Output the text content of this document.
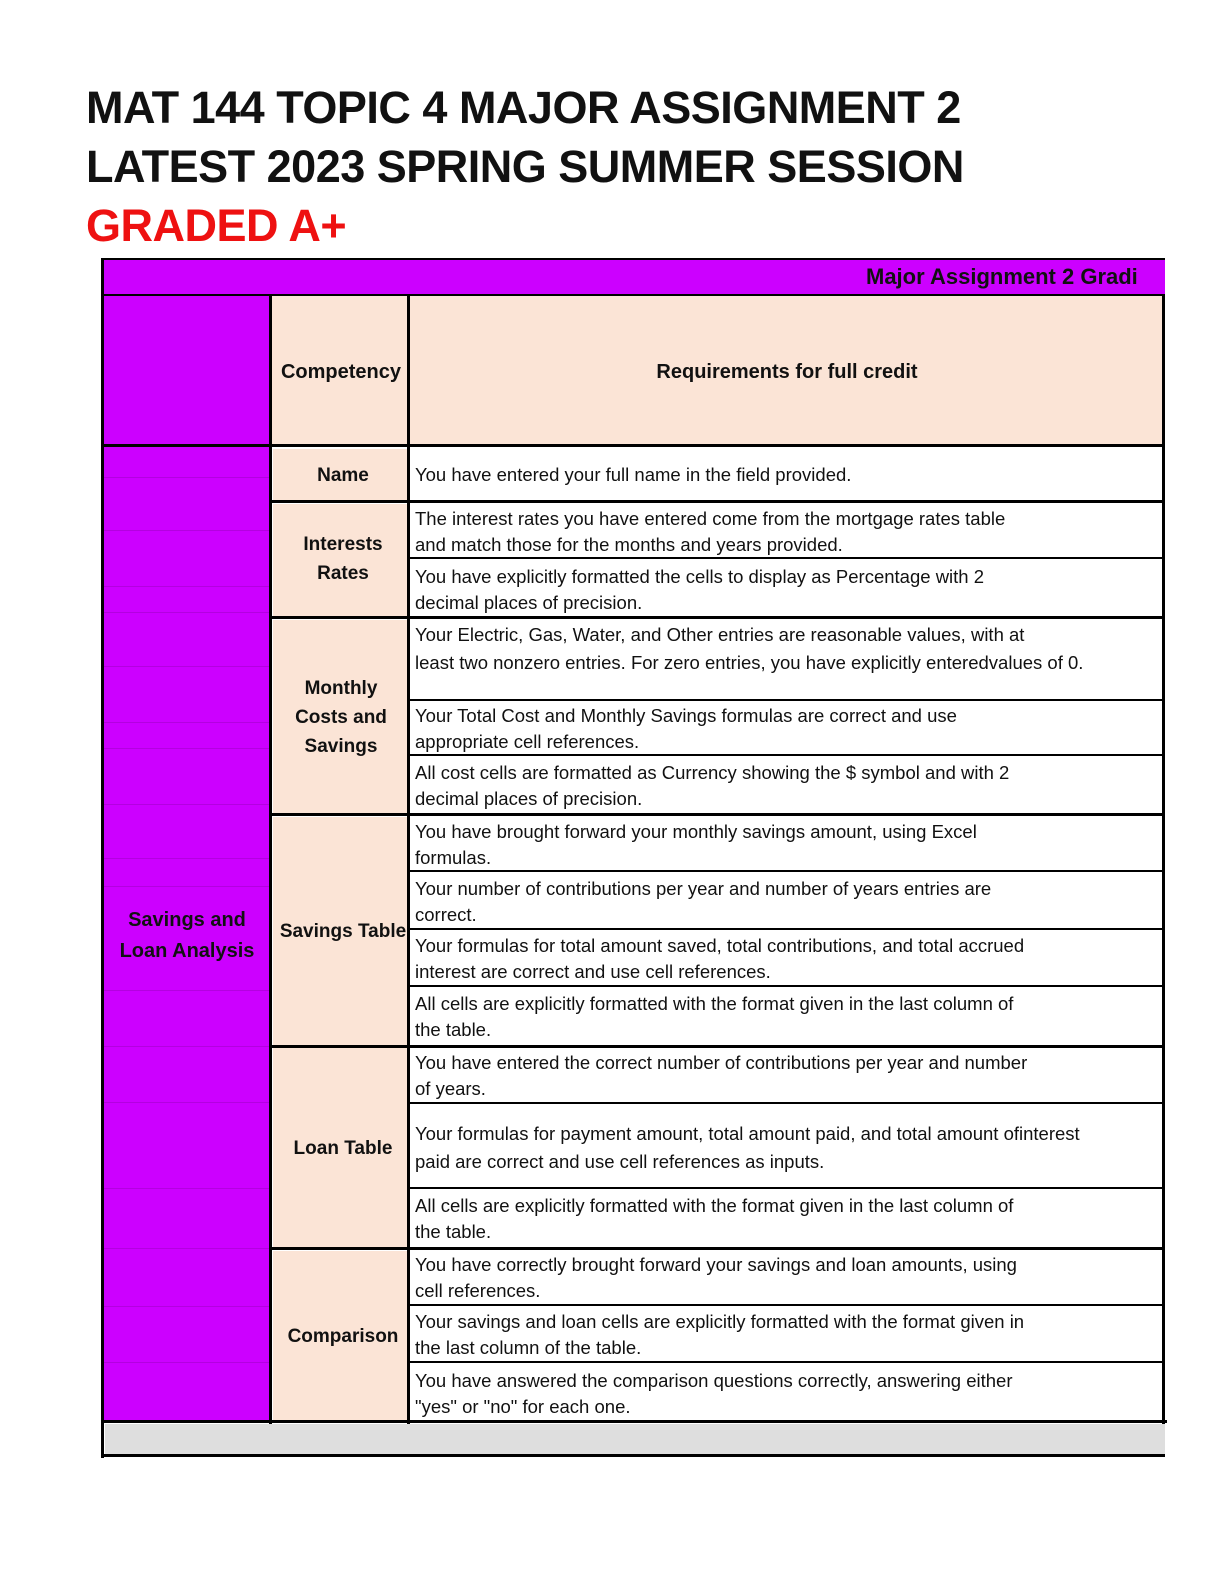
MAT 144 TOPIC 4 MAJOR ASSIGNMENT 2
LATEST 2023 SPRING SUMMER SESSION
GRADED A+
Major Assignment 2 Gradi
Competency	Requirements for full credit
Savings and
Loan Analysis
Name
Interests
Rates
Monthly
Costs and
Savings
Savings Table
Loan Table
Comparison
You have entered your full name in the field provided.
The interest rates you have entered come from the mortgage rates table
and match those for the months and years provided.
You have explicitly formatted the cells to display as Percentage with 2
decimal places of precision.
Your Electric, Gas, Water, and Other entries are reasonable values, with at
least two nonzero entries. For zero entries, you have explicitly enteredvalues of 0.
Your Total Cost and Monthly Savings formulas are correct and use
appropriate cell references.
All cost cells are formatted as Currency showing the $ symbol and with 2
decimal places of precision.
You have brought forward your monthly savings amount, using Excel
formulas.
Your number of contributions per year and number of years entries are
correct.
Your formulas for total amount saved, total contributions, and total accrued
interest are correct and use cell references.
All cells are explicitly formatted with the format given in the last column of
the table.
You have entered the correct number of contributions per year and number
of years.
Your formulas for payment amount, total amount paid, and total amount ofinterest
paid are correct and use cell references as inputs.
All cells are explicitly formatted with the format given in the last column of
the table.
You have correctly brought forward your savings and loan amounts, using
cell references.
Your savings and loan cells are explicitly formatted with the format given in
the last column of the table.
You have answered the comparison questions correctly, answering either
"yes" or "no" for each one.
